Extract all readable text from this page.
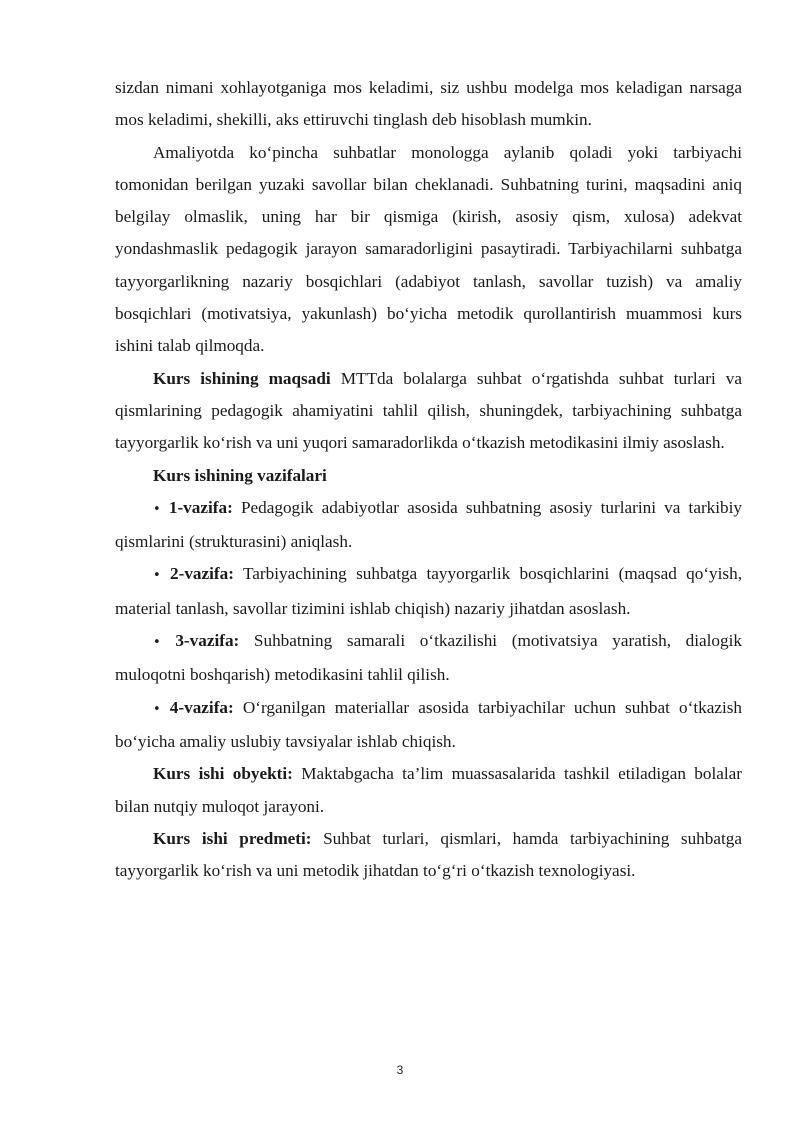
sizdan nimani xohlayotganiga mos keladimi, siz ushbu modelga mos keladigan narsaga mos keladimi, shekilli, aks ettiruvchi tinglash deb hisoblash mumkin.

Amaliyotda ko‘pincha suhbatlar monologga aylanib qoladi yoki tarbiyachi tomonidan berilgan yuzaki savollar bilan cheklanadi. Suhbatning turini, maqsadini aniq belgilay olmaslik, uning har bir qismiga (kirish, asosiy qism, xulosa) adekvat yondashmaslik pedagogik jarayon samaradorligini pasaytiradi. Tarbiyachilarni suhbatga tayyorgarlikning nazariy bosqichlari (adabiyot tanlash, savollar tuzish) va amaliy bosqichlari (motivatsiya, yakunlash) bo‘yicha metodik qurollantirish muammosi kurs ishini talab qilmoqda.

Kurs ishining maqsadi MTTda bolalarga suhbat o‘rgatishda suhbat turlari va qismlarining pedagogik ahamiyatini tahlil qilish, shuningdek, tarbiyachining suhbatga tayyorgarlik ko‘rish va uni yuqori samaradorlikda o‘tkazish metodikasini ilmiy asoslash.

Kurs ishining vazifalari

• 1-vazifa: Pedagogik adabiyotlar asosida suhbatning asosiy turlarini va tarkibiy qismlarini (strukturasini) aniqlash.

• 2-vazifa: Tarbiyachining suhbatga tayyorgarlik bosqichlarini (maqsad qo‘yish, material tanlash, savollar tizimini ishlab chiqish) nazariy jihatdan asoslash.

• 3-vazifa: Suhbatning samarali o‘tkazilishi (motivatsiya yaratish, dialogik muloqotni boshqarish) metodikasini tahlil qilish.

• 4-vazifa: O‘rganilgan materiallar asosida tarbiyachilar uchun suhbat o‘tkazish bo‘yicha amaliy uslubiy tavsiyalar ishlab chiqish.

Kurs ishi obyekti: Maktabgacha ta’lim muassasalarida tashkil etiladigan bolalar bilan nutqiy muloqot jarayoni.

Kurs ishi predmeti: Suhbat turlari, qismlari, hamda tarbiyachining suhbatga tayyorgarlik ko‘rish va uni metodik jihatdan to‘g‘ri o‘tkazish texnologiyasi.

3
